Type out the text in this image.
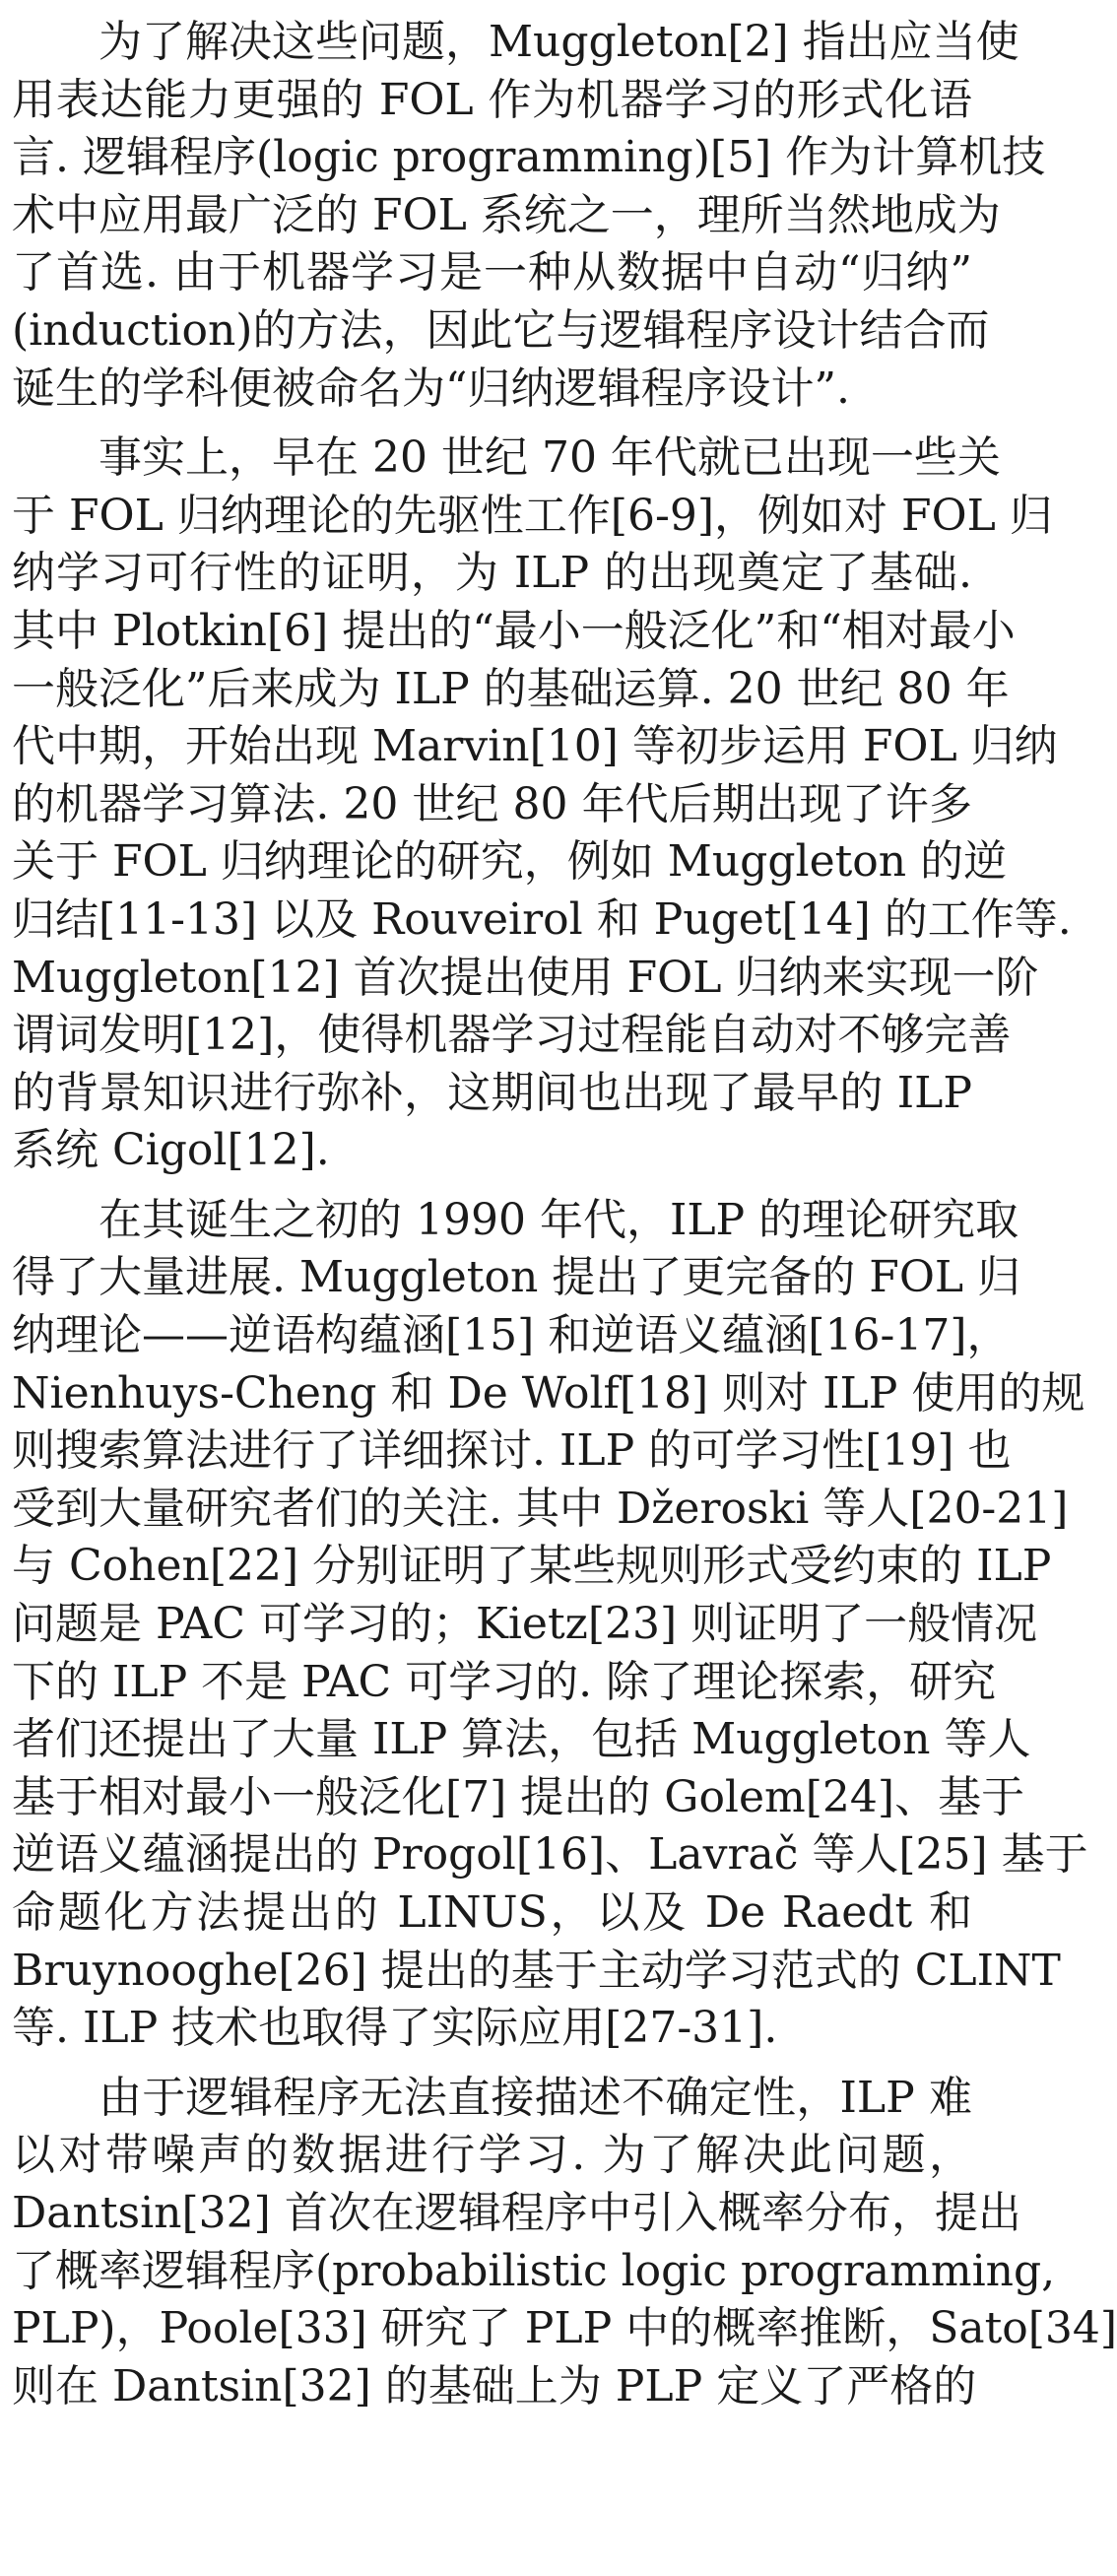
为了解决这些问题，Muggleton[2] 指出应当使
用表达能力更强的 FOL 作为机器学习的形式化语
言. 逻辑程序(logic programming)[5] 作为计算机技
术中应用最广泛的 FOL 系统之一，理所当然地成为
了首选. 由于机器学习是一种从数据中自动“归纳”
(induction)的方法，因此它与逻辑程序设计结合而
诞生的学科便被命名为“归纳逻辑程序设计”.
事实上，早在 20 世纪 70 年代就已出现一些关
于 FOL 归纳理论的先驱性工作[6-9]，例如对 FOL 归
纳学习可行性的证明，为 ILP 的出现奠定了基础.
其中 Plotkin[6] 提出的“最小一般泛化”和“相对最小
一般泛化”后来成为 ILP 的基础运算. 20 世纪 80 年
代中期，开始出现 Marvin[10] 等初步运用 FOL 归纳
的机器学习算法. 20 世纪 80 年代后期出现了许多
关于 FOL 归纳理论的研究，例如 Muggleton 的逆
归结[11-13] 以及 Rouveirol 和 Puget[14] 的工作等.
Muggleton[12] 首次提出使用 FOL 归纳来实现一阶
谓词发明[12]，使得机器学习过程能自动对不够完善
的背景知识进行弥补，这期间也出现了最早的 ILP
系统 Cigol[12].
在其诞生之初的 1990 年代，ILP 的理论研究取
得了大量进展. Muggleton 提出了更完备的 FOL 归
纳理论——逆语构蕴涵[15] 和逆语义蕴涵[16-17]，
Nienhuys-Cheng 和 De Wolf[18] 则对 ILP 使用的规
则搜索算法进行了详细探讨. ILP 的可学习性[19] 也
受到大量研究者们的关注. 其中 Džeroski 等人[20-21]
与 Cohen[22] 分别证明了某些规则形式受约束的 ILP
问题是 PAC 可学习的；Kietz[23] 则证明了一般情况
下的 ILP 不是 PAC 可学习的. 除了理论探索，研究
者们还提出了大量 ILP 算法，包括 Muggleton 等人
基于相对最小一般泛化[7] 提出的 Golem[24]、基于
逆语义蕴涵提出的 Progol[16]、Lavrač 等人[25] 基于
命题化方法提出的 LINUS，以及 De Raedt 和
Bruynooghe[26] 提出的基于主动学习范式的 CLINT
等. ILP 技术也取得了实际应用[27-31].
由于逻辑程序无法直接描述不确定性，ILP 难
以对带噪声的数据进行学习. 为了解决此问题，
Dantsin[32] 首次在逻辑程序中引入概率分布，提出
了概率逻辑程序(probabilistic logic programming,
PLP)，Poole[33] 研究了 PLP 中的概率推断，Sato[34]
则在 Dantsin[32] 的基础上为 PLP 定义了严格的
